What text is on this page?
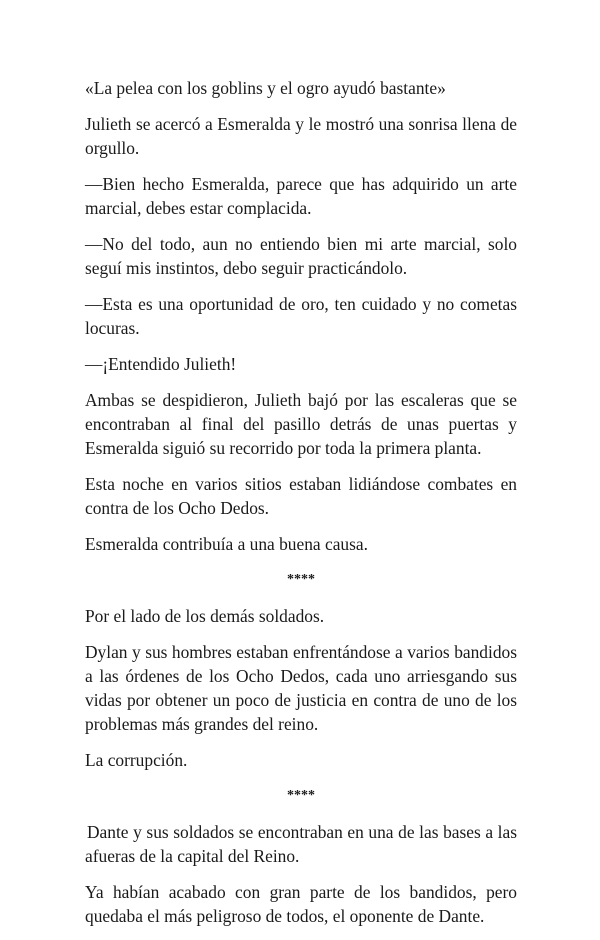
«La pelea con los goblins y el ogro ayudó bastante»

Julieth se acercó a Esmeralda y le mostró una sonrisa llena de orgullo.

—Bien hecho Esmeralda, parece que has adquirido un arte marcial, debes estar complacida.

—No del todo, aun no entiendo bien mi arte marcial, solo seguí mis instintos, debo seguir practicándolo.

—Esta es una oportunidad de oro, ten cuidado y no cometas locuras.

—¡Entendido Julieth!

Ambas se despidieron, Julieth bajó por las escaleras que se encontraban al final del pasillo detrás de unas puertas y Esmeralda siguió su recorrido por toda la primera planta.

Esta noche en varios sitios estaban lidiándose combates en contra de los Ocho Dedos.

Esmeralda contribuía a una buena causa.

****

Por el lado de los demás soldados.

Dylan y sus hombres estaban enfrentándose a varios bandidos a las órdenes de los Ocho Dedos, cada uno arriesgando sus vidas por obtener un poco de justicia en contra de uno de los problemas más grandes del reino.

La corrupción.

****

Dante y sus soldados se encontraban en una de las bases a las afueras de la capital del Reino.

Ya habían acabado con gran parte de los bandidos, pero quedaba el más peligroso de todos, el oponente de Dante.
